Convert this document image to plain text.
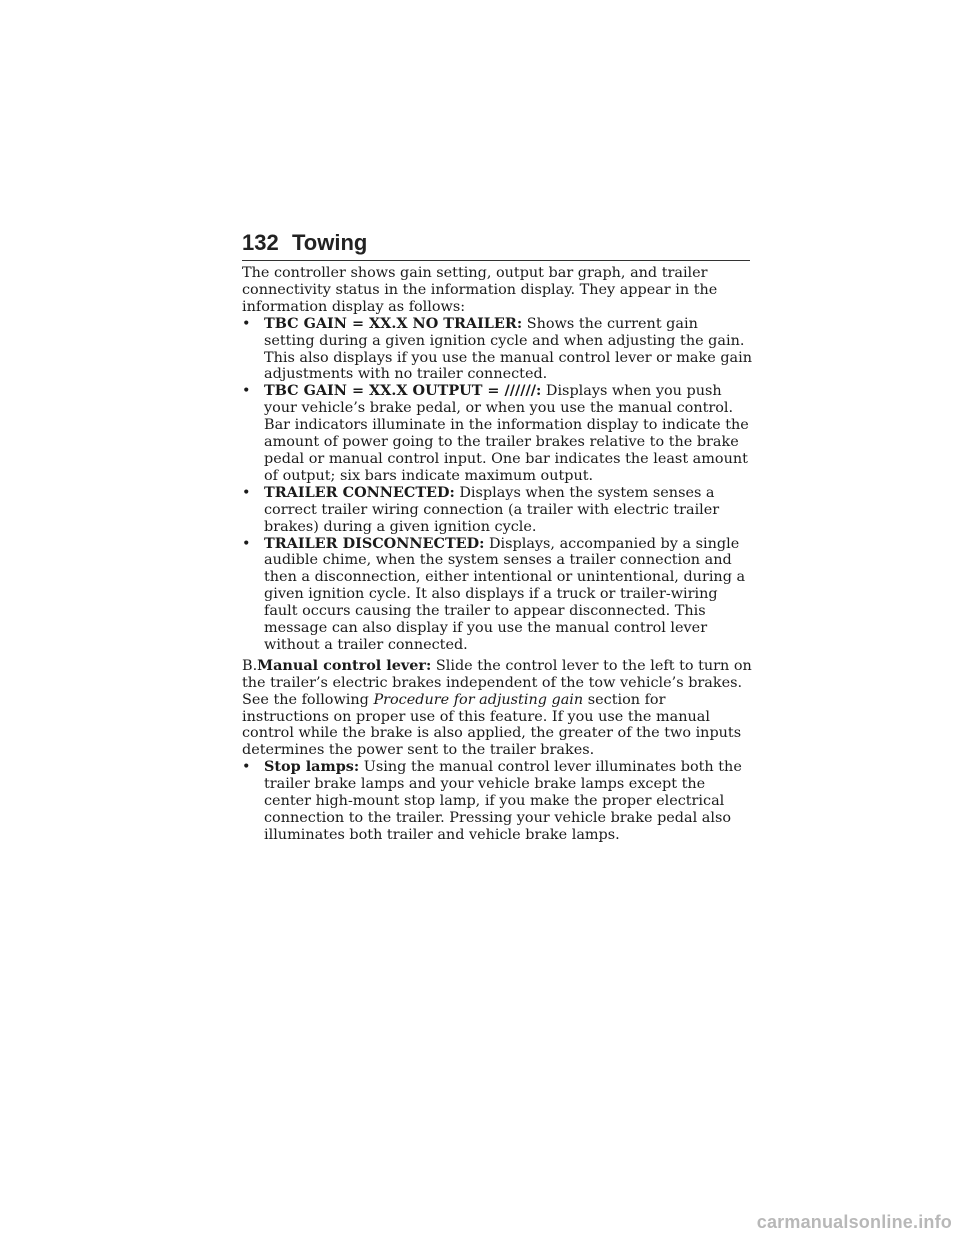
132 Towing

The controller shows gain setting, output bar graph, and trailer connectivity status in the information display. They appear in the information display as follows:

• TBC GAIN = XX.X NO TRAILER: Shows the current gain setting during a given ignition cycle and when adjusting the gain. This also displays if you use the manual control lever or make gain adjustments with no trailer connected.
• TBC GAIN = XX.X OUTPUT = //////: Displays when you push your vehicle’s brake pedal, or when you use the manual control. Bar indicators illuminate in the information display to indicate the amount of power going to the trailer brakes relative to the brake pedal or manual control input. One bar indicates the least amount of output; six bars indicate maximum output.
• TRAILER CONNECTED: Displays when the system senses a correct trailer wiring connection (a trailer with electric trailer brakes) during a given ignition cycle.
• TRAILER DISCONNECTED: Displays, accompanied by a single audible chime, when the system senses a trailer connection and then a disconnection, either intentional or unintentional, during a given ignition cycle. It also displays if a truck or trailer-wiring fault occurs causing the trailer to appear disconnected. This message can also display if you use the manual control lever without a trailer connected.

B.Manual control lever: Slide the control lever to the left to turn on the trailer’s electric brakes independent of the tow vehicle’s brakes. See the following Procedure for adjusting gain section for instructions on proper use of this feature. If you use the manual control while the brake is also applied, the greater of the two inputs determines the power sent to the trailer brakes.

• Stop lamps: Using the manual control lever illuminates both the trailer brake lamps and your vehicle brake lamps except the center high-mount stop lamp, if you make the proper electrical connection to the trailer. Pressing your vehicle brake pedal also illuminates both trailer and vehicle brake lamps.
carmanualsonline.info
